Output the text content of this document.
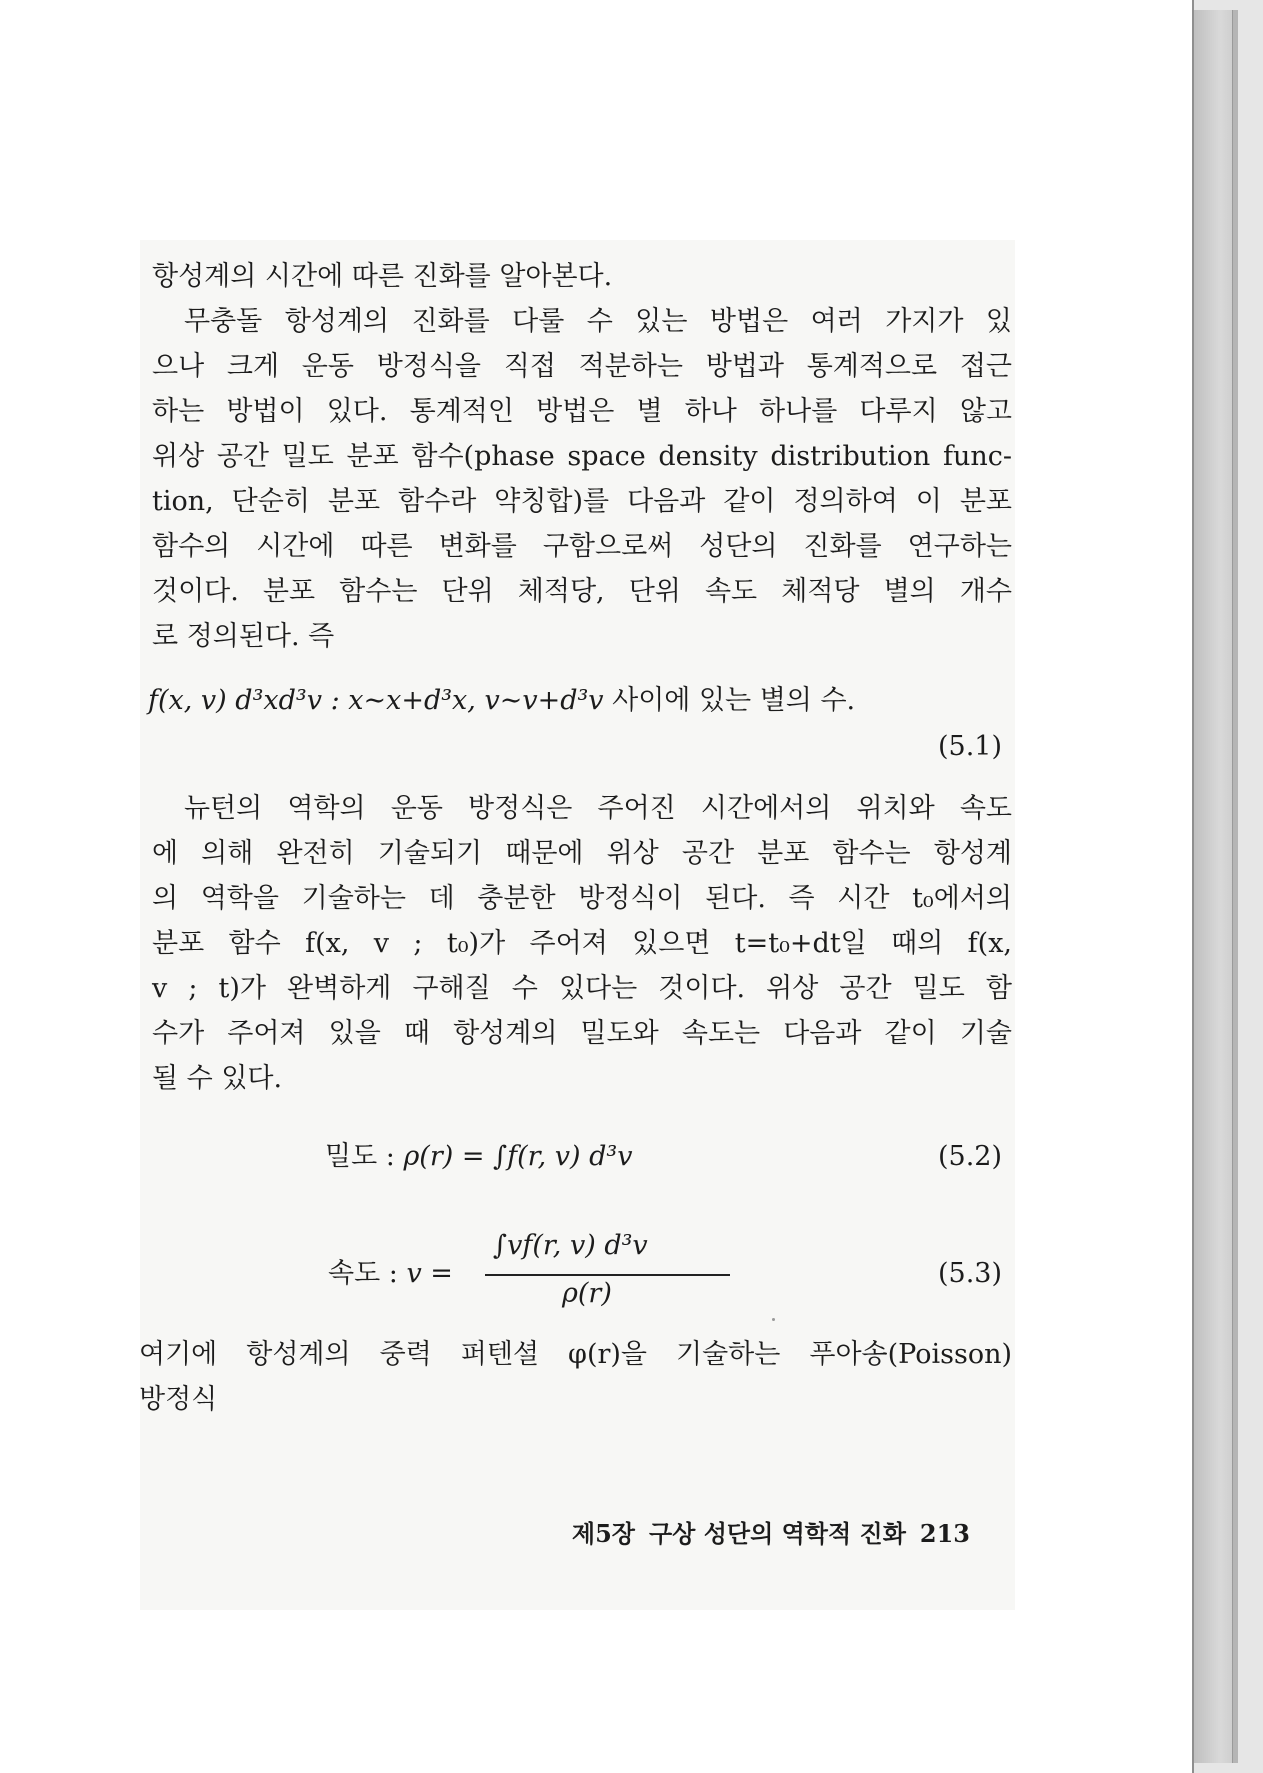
항성계의 시간에 따른 진화를 알아본다.
무충돌 항성계의 진화를 다룰 수 있는 방법은 여러 가지가 있
으나 크게 운동 방정식을 직접 적분하는 방법과 통계적으로 접근
하는 방법이 있다. 통계적인 방법은 별 하나 하나를 다루지 않고
위상 공간 밀도 분포 함수(phase space density distribution func-
tion, 단순히 분포 함수라 약칭합)를 다음과 같이 정의하여 이 분포
함수의 시간에 따른 변화를 구함으로써 성단의 진화를 연구하는
것이다. 분포 함수는 단위 체적당, 단위 속도 체적당 별의 개수
로 정의된다. 즉
f(x, v) d³xd³v : x∼x+d³x, v∼v+d³v 사이에 있는 별의 수.
(5.1)
뉴턴의 역학의 운동 방정식은 주어진 시간에서의 위치와 속도
에 의해 완전히 기술되기 때문에 위상 공간 분포 함수는 항성계
의 역학을 기술하는 데 충분한 방정식이 된다. 즉 시간 t₀에서의
분포 함수 f(x, v ; t₀)가 주어져 있으면 t=t₀+dt일 때의 f(x,
v ; t)가 완벽하게 구해질 수 있다는 것이다. 위상 공간 밀도 함
수가 주어져 있을 때 항성계의 밀도와 속도는 다음과 같이 기술
될 수 있다.
밀도 : ρ(r) = ∫f(r, v) d³v	(5.2)
속도 : v =
∫vf(r, v) d³v
ρ(r)
(5.3)
여기에 항성계의 중력 퍼텐셜 φ(r)을 기술하는 푸아송(Poisson)
방정식
제5장 구상 성단의 역학적 진화 213
